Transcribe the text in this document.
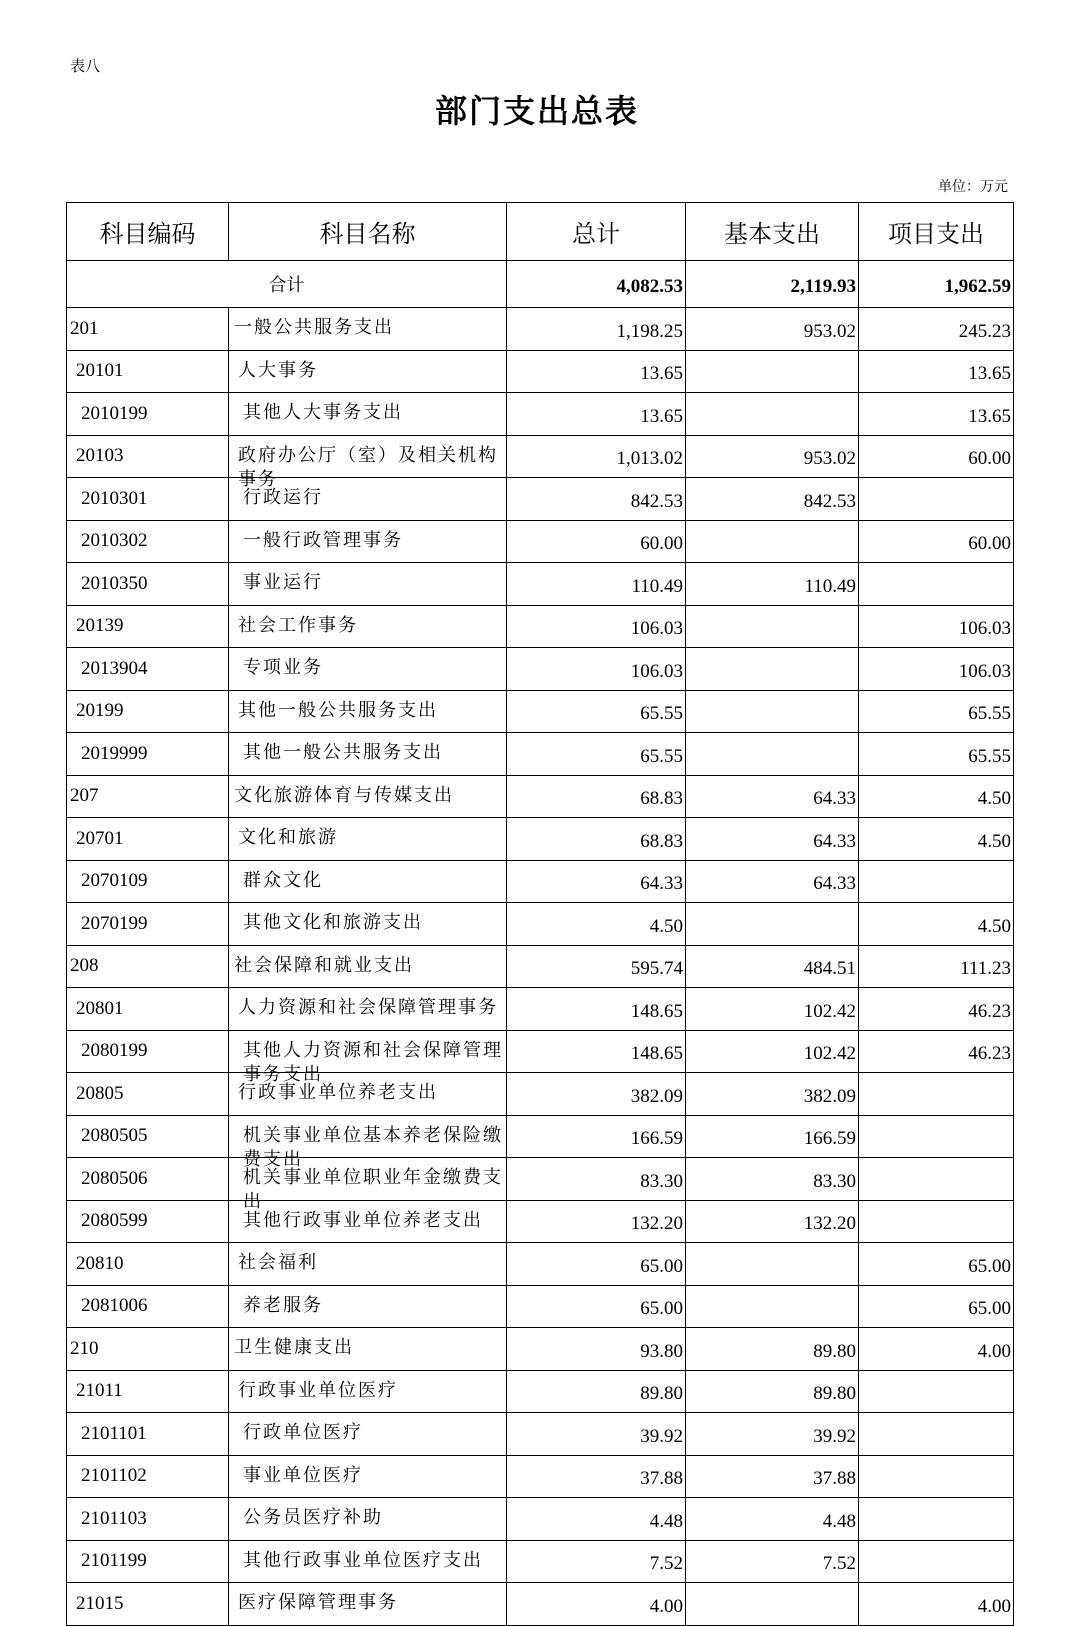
表八
部门支出总表
单位：万元
科目编码	科目名称	总计	基本支出	项目支出
合计		4,082.53	2,119.93	1,962.59
201	一般公共服务支出	1,198.25	953.02	245.23
20101	人大事务	13.65		13.65
2010199	其他人大事务支出	13.65		13.65
20103	政府办公厅（室）及相关机构事务	1,013.02	953.02	60.00
2010301	行政运行	842.53	842.53	
2010302	一般行政管理事务	60.00		60.00
2010350	事业运行	110.49	110.49	
20139	社会工作事务	106.03		106.03
2013904	专项业务	106.03		106.03
20199	其他一般公共服务支出	65.55		65.55
2019999	其他一般公共服务支出	65.55		65.55
207	文化旅游体育与传媒支出	68.83	64.33	4.50
20701	文化和旅游	68.83	64.33	4.50
2070109	群众文化	64.33	64.33	
2070199	其他文化和旅游支出	4.50		4.50
208	社会保障和就业支出	595.74	484.51	111.23
20801	人力资源和社会保障管理事务	148.65	102.42	46.23
2080199	其他人力资源和社会保障管理事务支出	148.65	102.42	46.23
20805	行政事业单位养老支出	382.09	382.09	
2080505	机关事业单位基本养老保险缴费支出	166.59	166.59	
2080506	机关事业单位职业年金缴费支出	83.30	83.30	
2080599	其他行政事业单位养老支出	132.20	132.20	
20810	社会福利	65.00		65.00
2081006	养老服务	65.00		65.00
210	卫生健康支出	93.80	89.80	4.00
21011	行政事业单位医疗	89.80	89.80	
2101101	行政单位医疗	39.92	39.92	
2101102	事业单位医疗	37.88	37.88	
2101103	公务员医疗补助	4.48	4.48	
2101199	其他行政事业单位医疗支出	7.52	7.52	
21015	医疗保障管理事务	4.00		4.00
